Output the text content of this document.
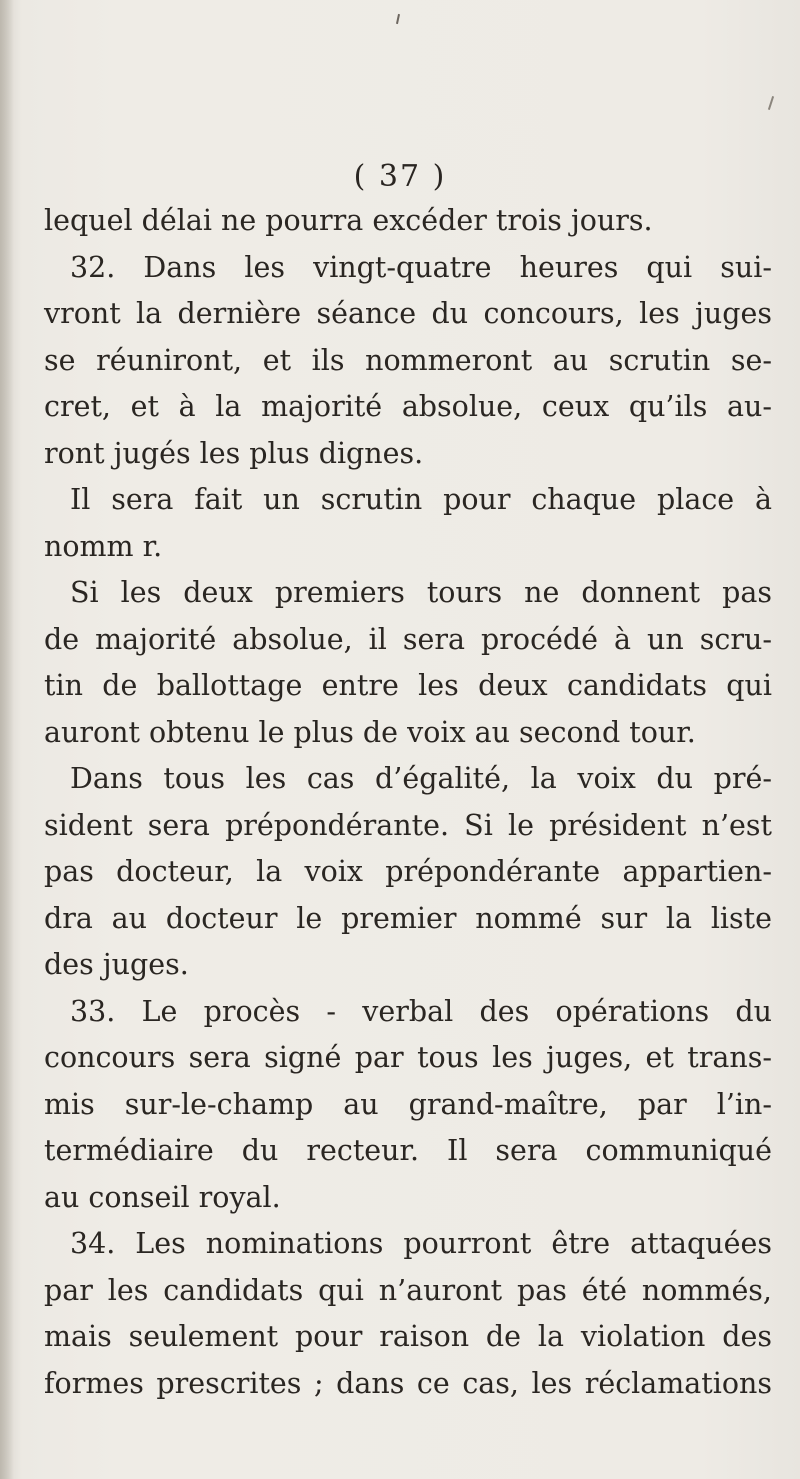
( 37 )
lequel délai ne pourra excéder trois jours.
32. Dans les vingt-quatre heures qui sui-
vront la dernière séance du concours, les juges
se réuniront, et ils nommeront au scrutin se-
cret, et à la majorité absolue, ceux qu’ils au-
ront jugés les plus dignes.
Il sera fait un scrutin pour chaque place à
nomm r.
Si les deux premiers tours ne donnent pas
de majorité absolue, il sera procédé à un scru-
tin de ballottage entre les deux candidats qui
auront obtenu le plus de voix au second tour.
Dans tous les cas d’égalité, la voix du pré-
sident sera prépondérante. Si le président n’est
pas docteur, la voix prépondérante appartien-
dra au docteur le premier nommé sur la liste
des juges.
33. Le procès - verbal des opérations du
concours sera signé par tous les juges, et trans-
mis sur-le-champ au grand-maître, par l’in-
termédiaire du recteur. Il sera communiqué
au conseil royal.
34. Les nominations pourront être attaquées
par les candidats qui n’auront pas été nommés,
mais seulement pour raison de la violation des
formes prescrites ; dans ce cas, les réclamations
